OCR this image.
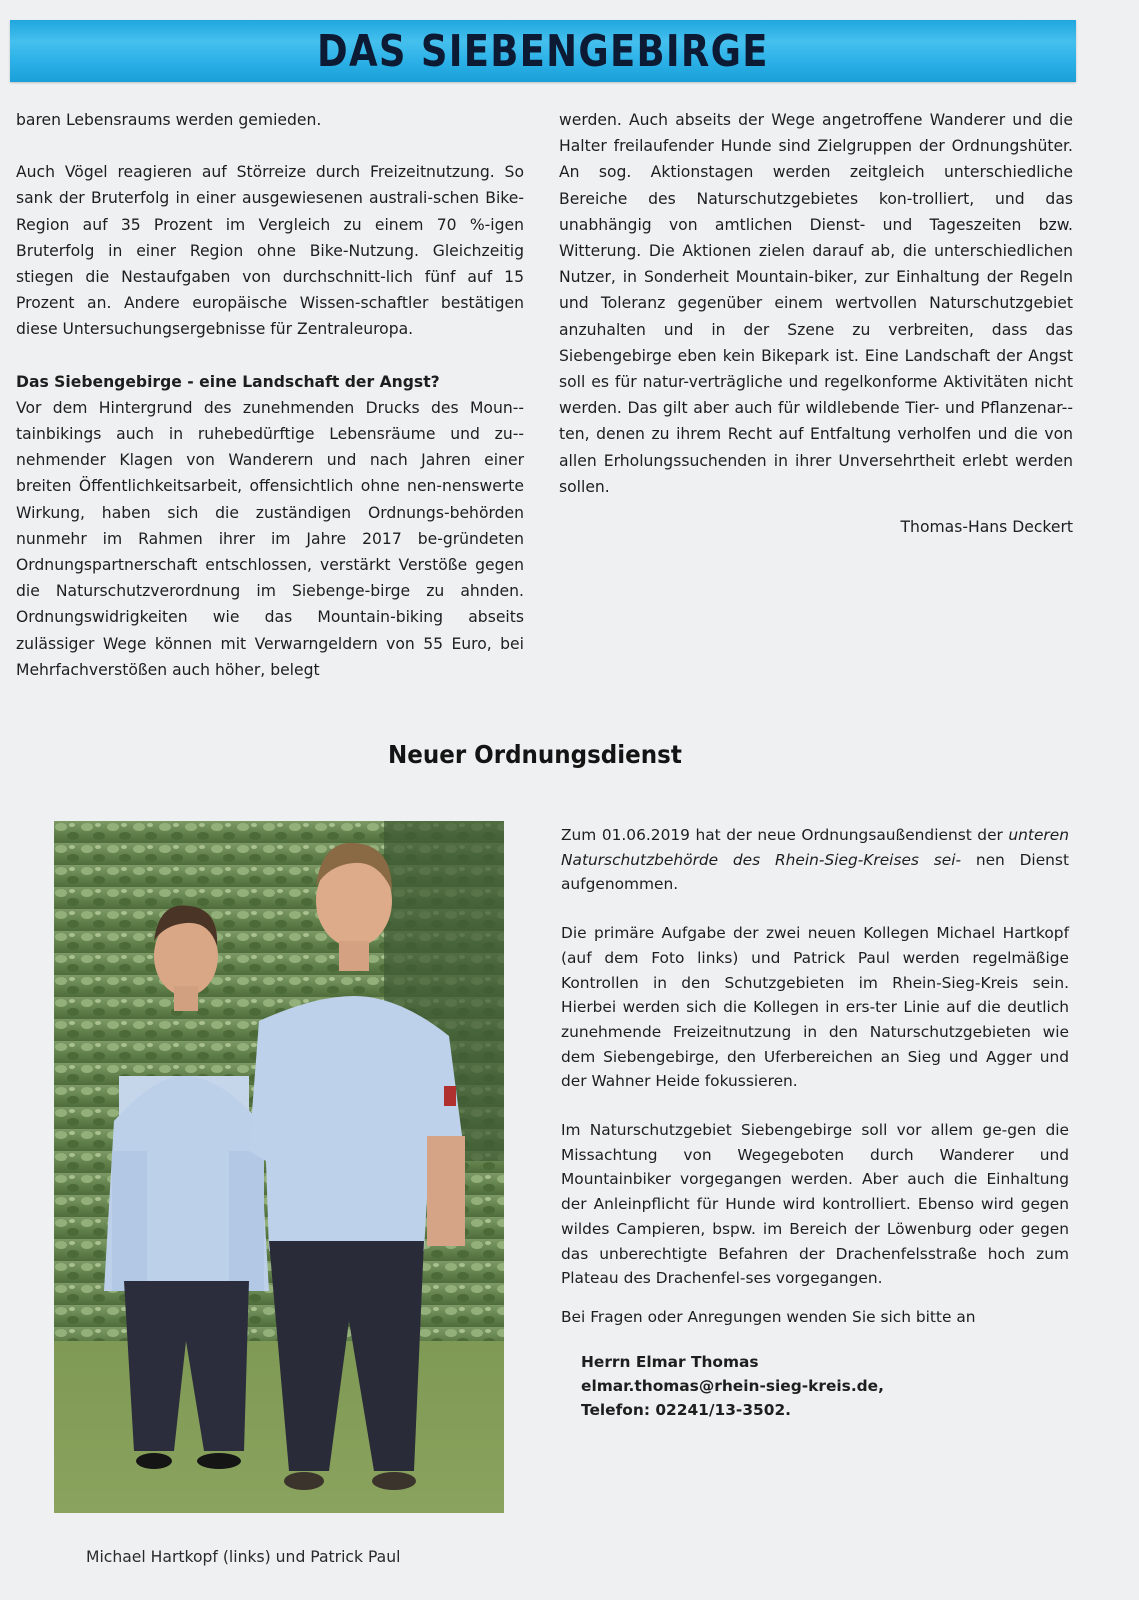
DAS SIEBENGEBIRGE

baren Lebensraums werden gemieden.

Auch Vögel reagieren auf Störreize durch Freizeitnutzung. So sank der Bruterfolg in einer ausgewiesenen australi-schen Bike-Region auf 35 Prozent im Vergleich zu einem 70 %-igen Bruterfolg in einer Region ohne Bike-Nutzung. Gleichzeitig stiegen die Nestaufgaben von durchschnitt-lich fünf auf 15 Prozent an. Andere europäische Wissen-schaftler bestätigen diese Untersuchungsergebnisse für Zentraleuropa.

Das Siebengebirge - eine Landschaft der Angst?

Vor dem Hintergrund des zunehmenden Drucks des Moun-tainbikings auch in ruhebedürftige Lebensräume und zu-nehmender Klagen von Wanderern und nach Jahren einer breiten Öffentlichkeitsarbeit, offensichtlich ohne nen-nenswerte Wirkung, haben sich die zuständigen Ordnungs-behörden nunmehr im Rahmen ihrer im Jahre 2017 be-gründeten Ordnungspartnerschaft entschlossen, verstärkt Verstöße gegen die Naturschutzverordnung im Siebenge-birge zu ahnden. Ordnungswidrigkeiten wie das Mountain-biking abseits zulässiger Wege können mit Verwarngeldern von 55 Euro, bei Mehrfachverstößen auch höher, belegt

werden. Auch abseits der Wege angetroffene Wanderer und die Halter freilaufender Hunde sind Zielgruppen der Ordnungshüter. An sog. Aktionstagen werden zeitgleich unterschiedliche Bereiche des Naturschutzgebietes kon-trolliert, und das unabhängig von amtlichen Dienst- und Tageszeiten bzw. Witterung. Die Aktionen zielen darauf ab, die unterschiedlichen Nutzer, in Sonderheit Mountain-biker, zur Einhaltung der Regeln und Toleranz gegenüber einem wertvollen Naturschutzgebiet anzuhalten und in der Szene zu verbreiten, dass das Siebengebirge eben kein Bikepark ist. Eine Landschaft der Angst soll es für natur-verträgliche und regelkonforme Aktivitäten nicht werden. Das gilt aber auch für wildlebende Tier- und Pflanzenar-ten, denen zu ihrem Recht auf Entfaltung verholfen und die von allen Erholungssuchenden in ihrer Unversehrtheit erlebt werden sollen.

Thomas-Hans Deckert
Neuer Ordnungsdienst
Michael Hartkopf (links) und Patrick Paul

Zum 01.06.2019 hat der neue Ordnungsaußendienst der unteren Naturschutzbehörde des Rhein-Sieg-Kreises sei- nen Dienst aufgenommen.

Die primäre Aufgabe der zwei neuen Kollegen Michael Hartkopf (auf dem Foto links) und Patrick Paul werden regelmäßige Kontrollen in den Schutzgebieten im Rhein-Sieg-Kreis sein. Hierbei werden sich die Kollegen in ers-ter Linie auf die deutlich zunehmende Freizeitnutzung in den Naturschutzgebieten wie dem Siebengebirge, den Uferbereichen an Sieg und Agger und der Wahner Heide fokussieren.

Im Naturschutzgebiet Siebengebirge soll vor allem ge-gen die Missachtung von Wegegeboten durch Wanderer und Mountainbiker vorgegangen werden. Aber auch die Einhaltung der Anleinpflicht für Hunde wird kontrolliert. Ebenso wird gegen wildes Campieren, bspw. im Bereich der Löwenburg oder gegen das unberechtigte Befahren der Drachenfelsstraße hoch zum Plateau des Drachenfel-ses vorgegangen.

Bei Fragen oder Anregungen wenden Sie sich bitte an

Herrn Elmar Thomas
elmar.thomas@rhein-sieg-kreis.de,
Telefon: 02241/13-3502.
